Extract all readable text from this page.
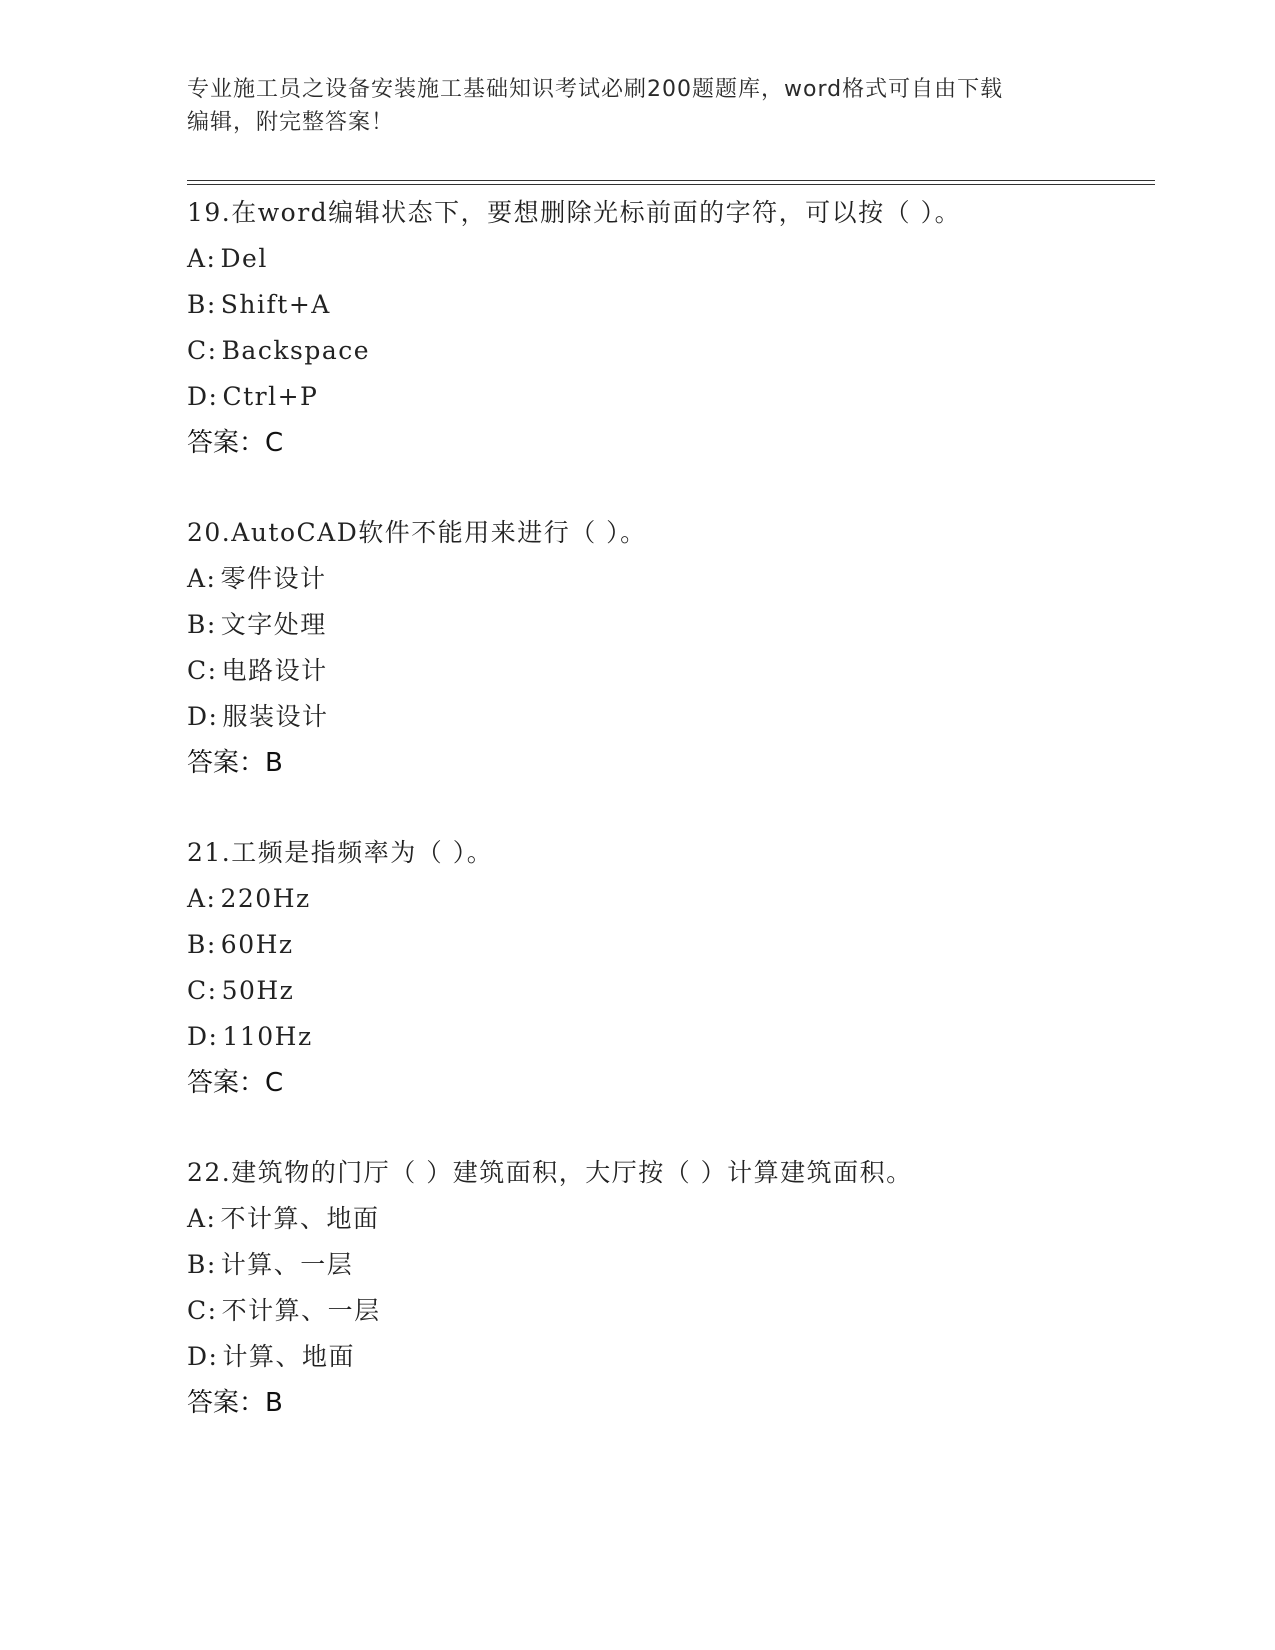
专业施工员之设备安装施工基础知识考试必刷200题题库，word格式可自由下载
编辑，附完整答案！
19.在word编辑状态下，要想删除光标前面的字符，可以按（ ）。
A: Del
B: Shift+A
C: Backspace
D: Ctrl+P
答案：C
20.AutoCAD软件不能用来进行（ ）。
A: 零件设计
B: 文字处理
C: 电路设计
D: 服装设计
答案：B
21.工频是指频率为（ ）。
A: 220Hz
B: 60Hz
C: 50Hz
D: 110Hz
答案：C
22.建筑物的门厅（ ）建筑面积，大厅按（ ）计算建筑面积。
A: 不计算、地面
B: 计算、一层
C: 不计算、一层
D: 计算、地面
答案：B
